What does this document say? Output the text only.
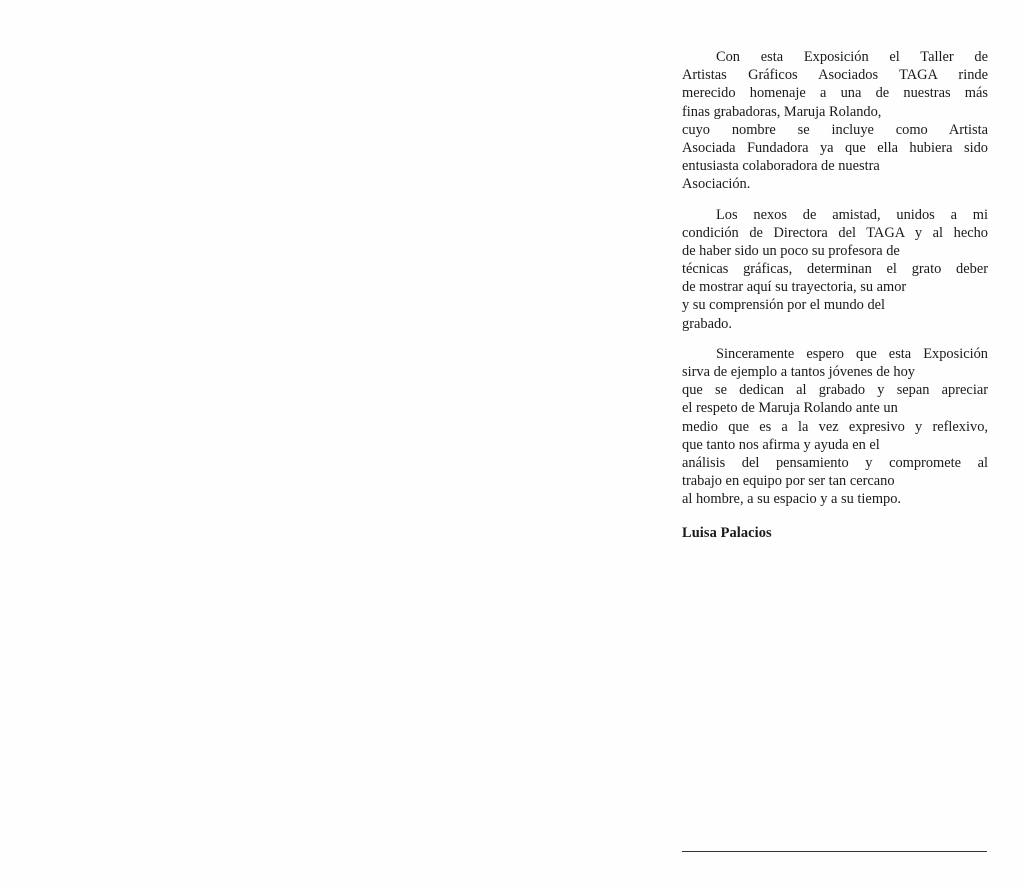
Con esta Exposición el Taller de
Artistas Gráficos Asociados TAGA rinde
merecido homenaje a una de nuestras más
finas grabadoras, Maruja Rolando,
cuyo nombre se incluye como Artista
Asociada Fundadora ya que ella hubiera sido
entusiasta colaboradora de nuestra
Asociación.
Los nexos de amistad, unidos a mi
condición de Directora del TAGA y al hecho
de haber sido un poco su profesora de
técnicas gráficas, determinan el grato deber
de mostrar aquí su trayectoria, su amor
y su comprensión por el mundo del
grabado.
Sinceramente espero que esta Exposición
sirva de ejemplo a tantos jóvenes de hoy
que se dedican al grabado y sepan apreciar
el respeto de Maruja Rolando ante un
medio que es a la vez expresivo y reflexivo,
que tanto nos afirma y ayuda en el
análisis del pensamiento y compromete al
trabajo en equipo por ser tan cercano
al hombre, a su espacio y a su tiempo.
Luisa Palacios
